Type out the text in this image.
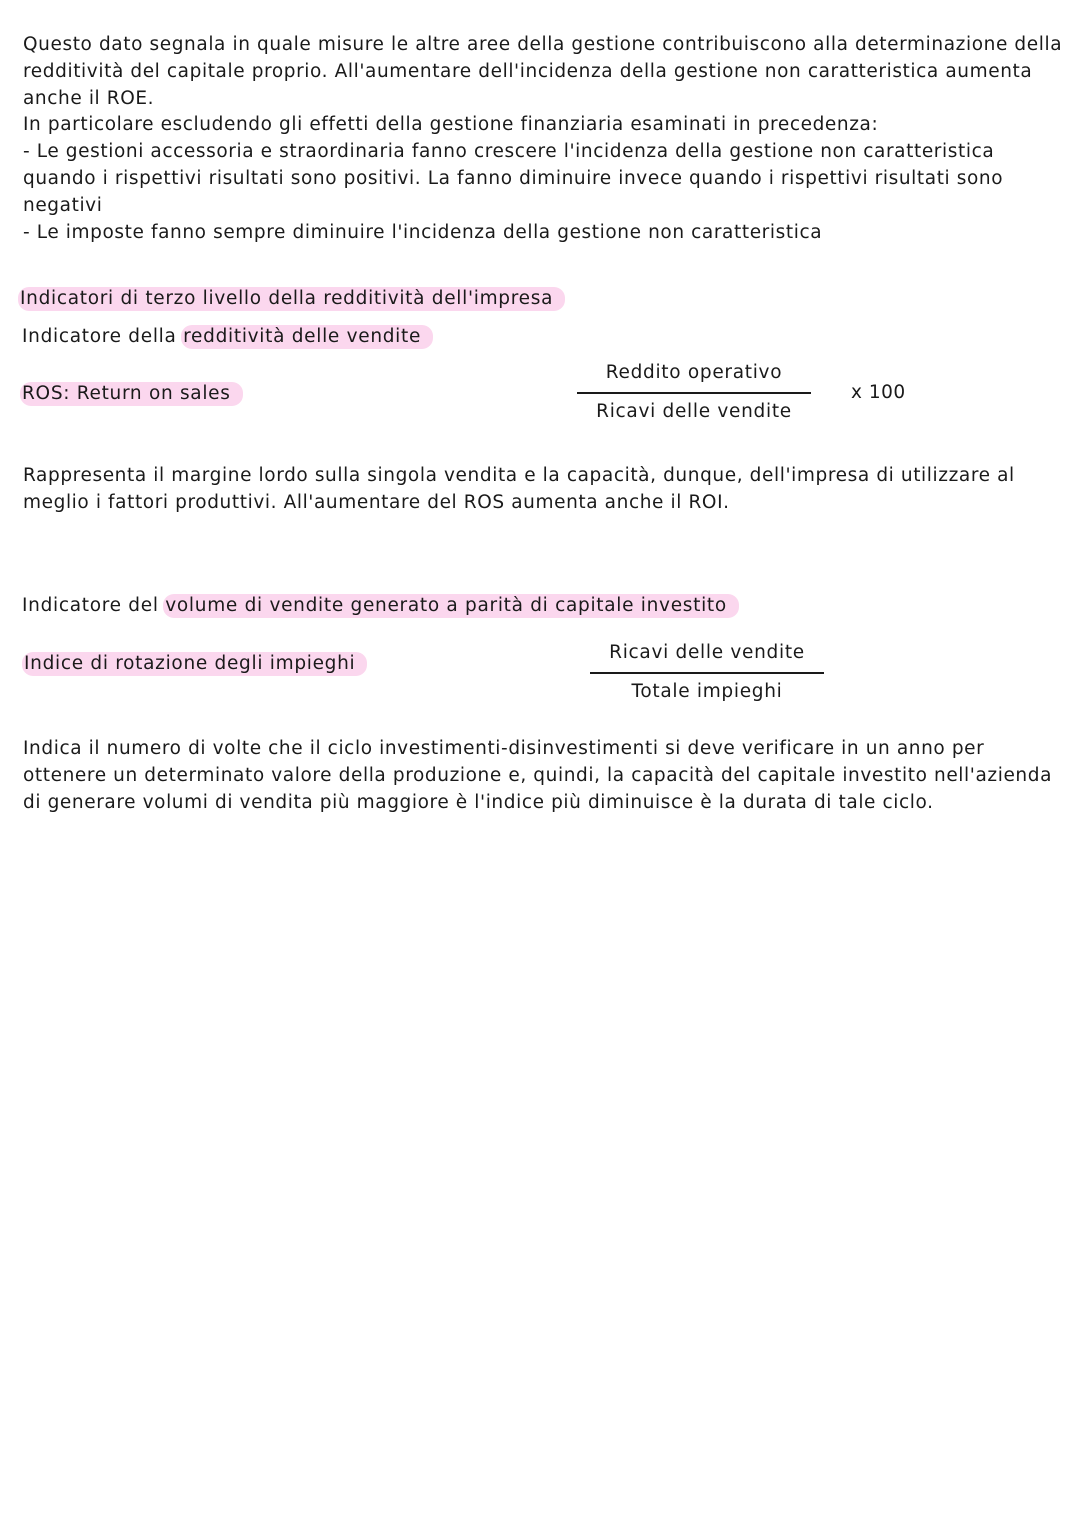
Questo dato segnala in quale misure le altre aree della gestione contribuiscono alla determinazione della redditività del capitale proprio. All'aumentare dell'incidenza della gestione non caratteristica aumenta anche il ROE.

In particolare escludendo gli effetti della gestione finanziaria esaminati in precedenza:

- Le gestioni accessoria e straordinaria fanno crescere l'incidenza della gestione non caratteristica quando i rispettivi risultati sono positivi. La fanno diminuire invece quando i rispettivi risultati sono negativi

- Le imposte fanno sempre diminuire l'incidenza della gestione non caratteristica

Indicatori di terzo livello della redditività dell'impresa
Indicatore della redditività delle vendite
ROS: Return on sales
Reddito operativo
Ricavi delle vendite
x 100

Rappresenta il margine lordo sulla singola vendita e la capacità, dunque, dell'impresa di utilizzare al meglio i fattori produttivi. All'aumentare del ROS aumenta anche il ROI.

Indicatore del volume di vendite generato a parità di capitale investito
Indice di rotazione degli impieghi
Ricavi delle vendite
Totale impieghi

Indica il numero di volte che il ciclo investimenti-disinvestimenti si deve verificare in un anno per ottenere un determinato valore della produzione e, quindi, la capacità del capitale investito nell'azienda di generare volumi di vendita più maggiore è l'indice più diminuisce è la durata di tale ciclo.
